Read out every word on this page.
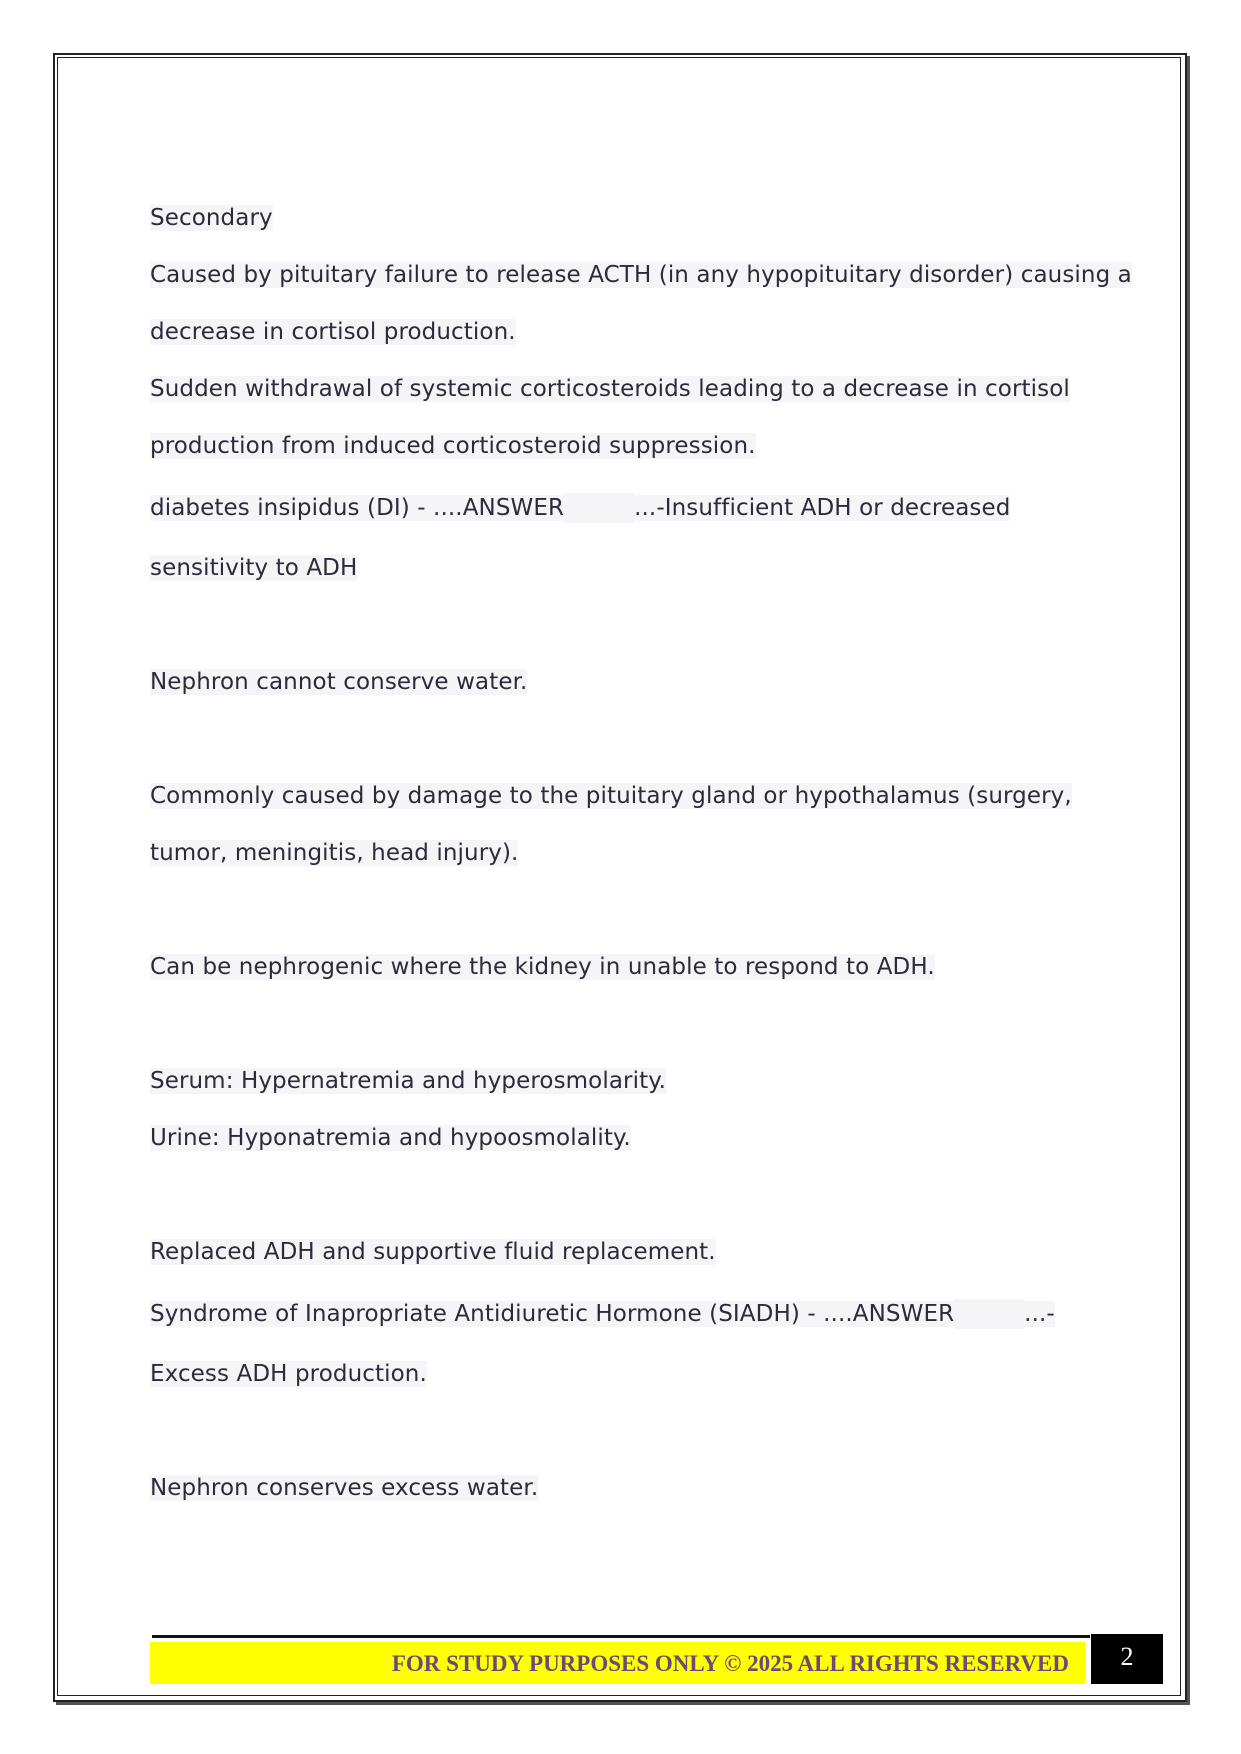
Secondary
Caused by pituitary failure to release ACTH (in any hypopituitary disorder) causing a
decrease in cortisol production.
Sudden withdrawal of systemic corticosteroids leading to a decrease in cortisol
production from induced corticosteroid suppression.
diabetes insipidus (DI) - ....ANSWER	...-Insufficient ADH or decreased
sensitivity to ADH
Nephron cannot conserve water.
Commonly caused by damage to the pituitary gland or hypothalamus (surgery,
tumor, meningitis, head injury).
Can be nephrogenic where the kidney in unable to respond to ADH.
Serum: Hypernatremia and hyperosmolarity.
Urine: Hyponatremia and hypoosmolality.
Replaced ADH and supportive fluid replacement.
Syndrome of Inapropriate Antidiuretic Hormone (SIADH) - ....ANSWER	...-
Excess ADH production.
Nephron conserves excess water.
FOR STUDY PURPOSES ONLY © 2025 ALL RIGHTS RESERVED	2
